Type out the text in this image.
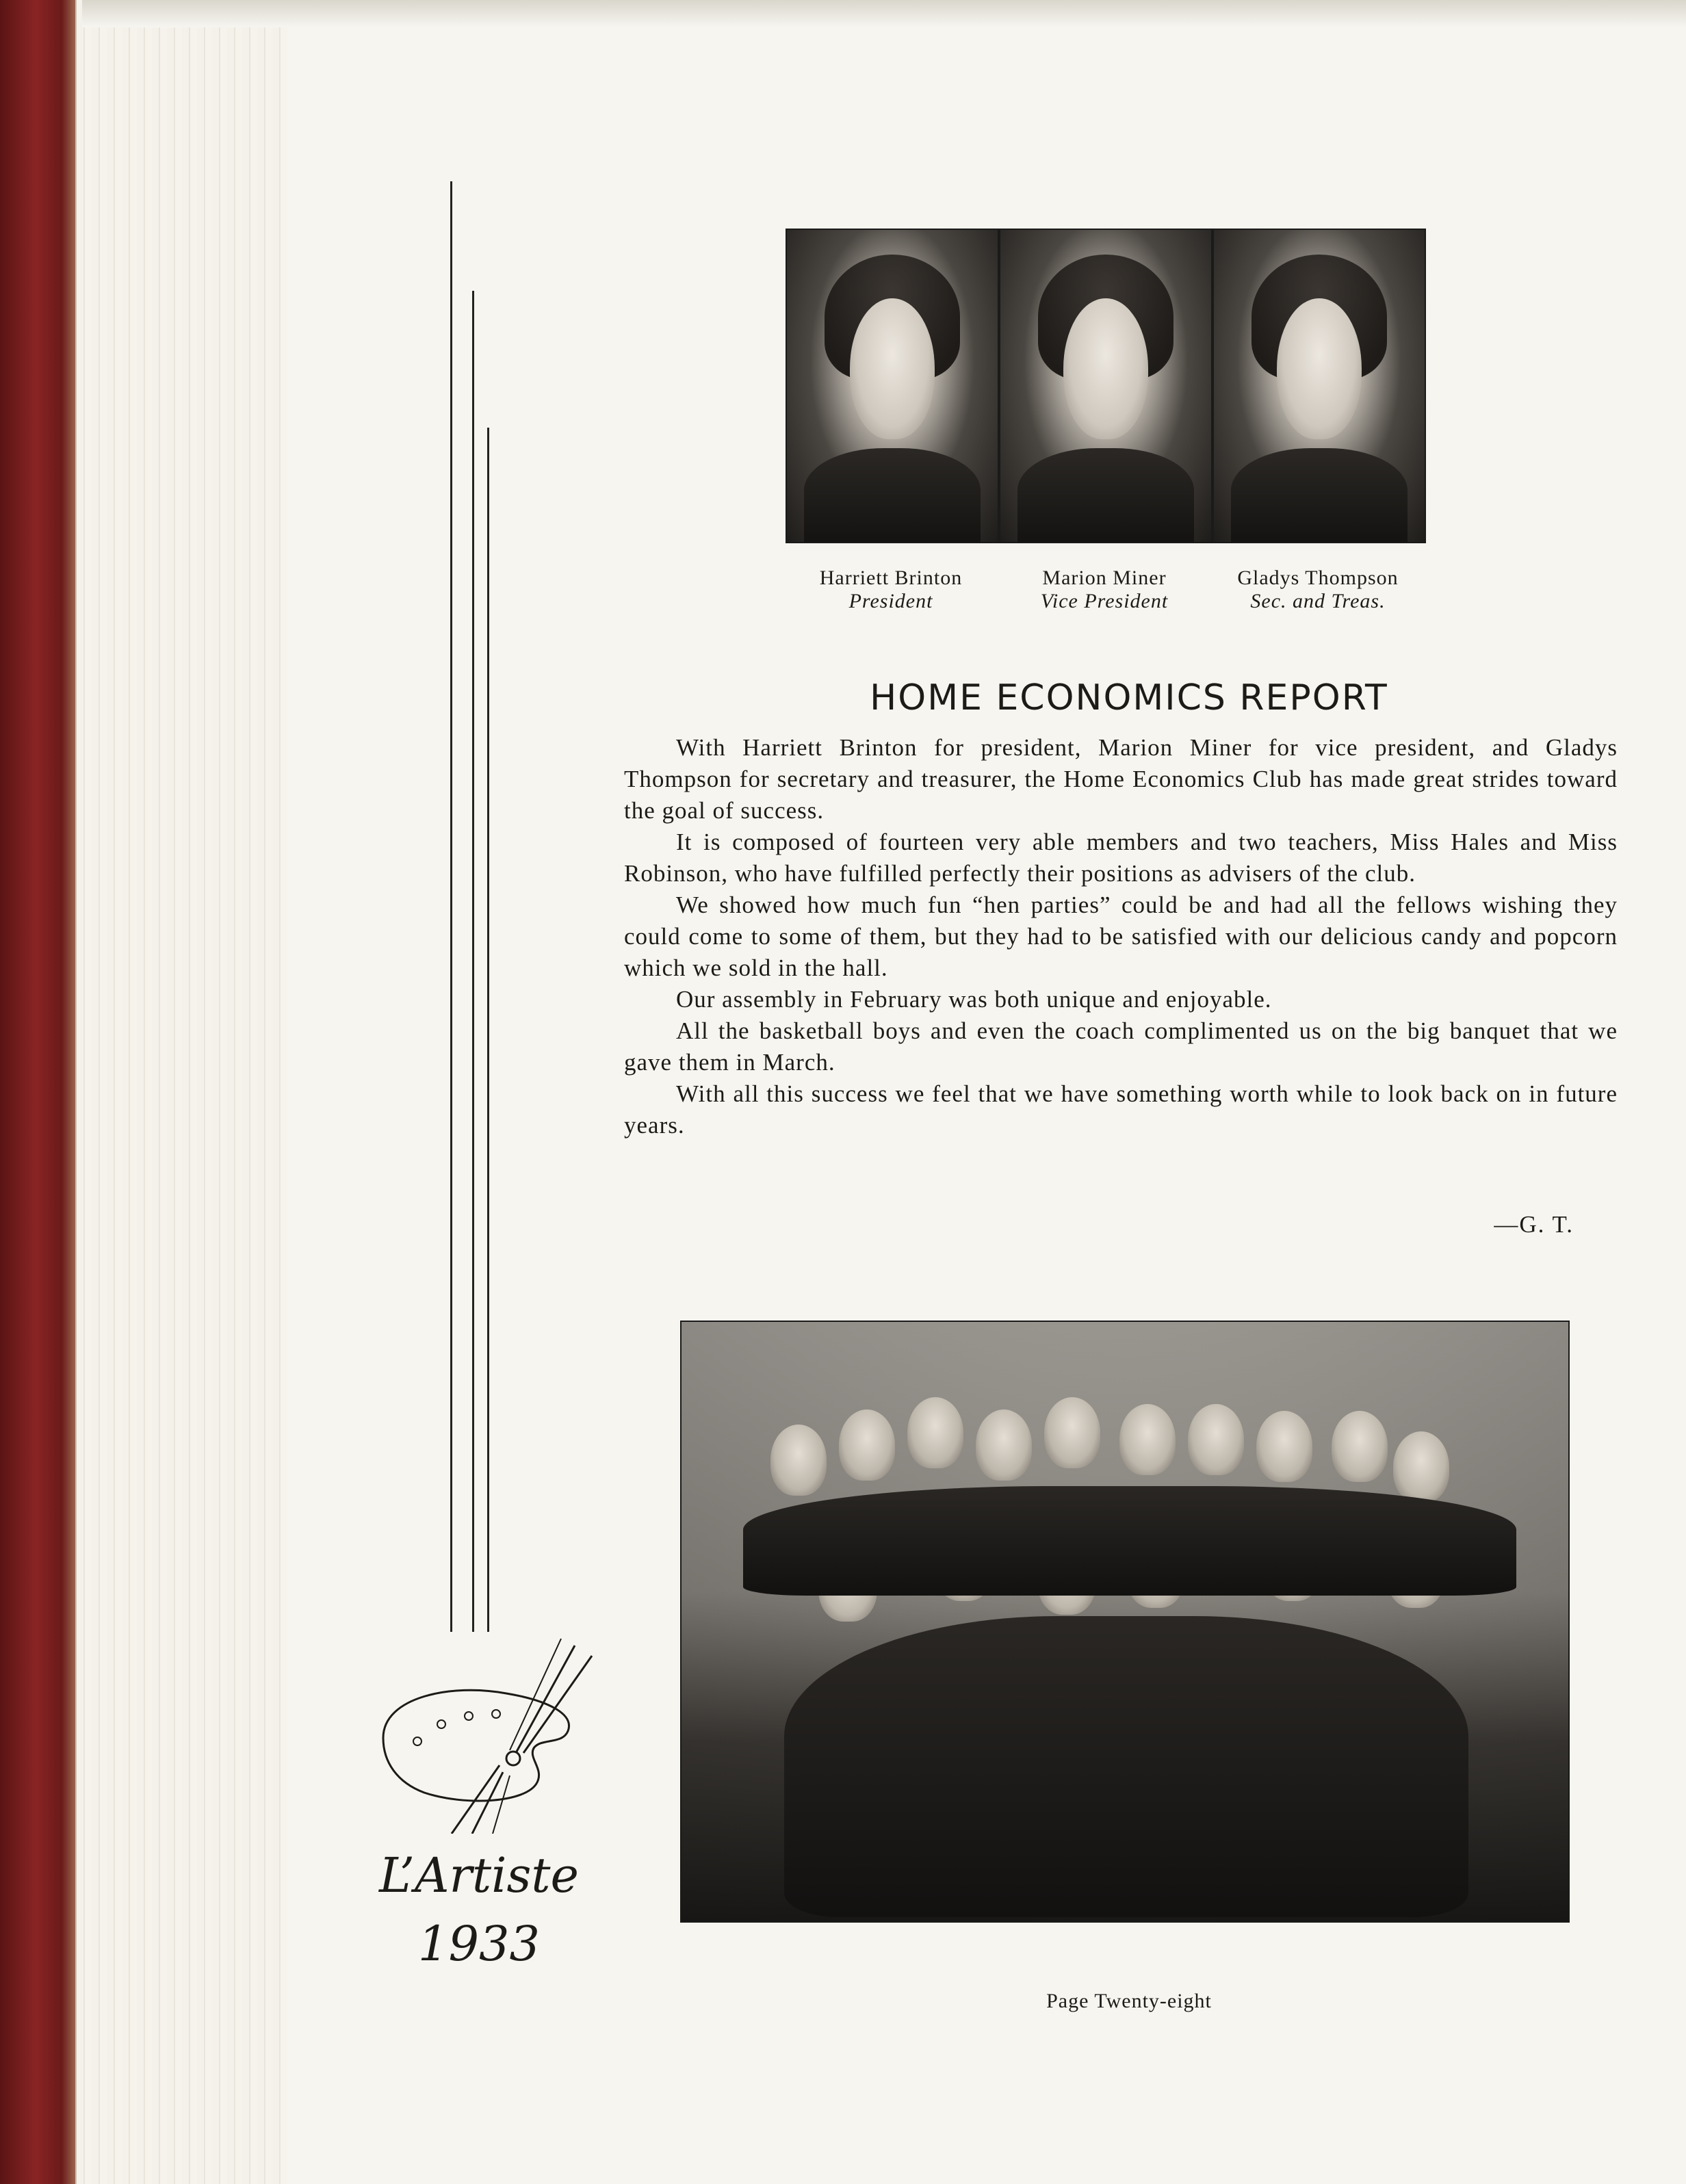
Harriett Brinton
President
Marion Miner
Vice President
Gladys Thompson
Sec. and Treas.
HOME ECONOMICS REPORT

With Harriett Brinton for president, Marion Miner for vice president, and Gladys Thompson for secretary and treasurer, the Home Economics Club has made great strides toward the goal of success.

It is composed of fourteen very able members and two teachers, Miss Hales and Miss Robinson, who have fulfilled perfectly their positions as advisers of the club.

We showed how much fun “hen parties” could be and had all the fellows wishing they could come to some of them, but they had to be satisfied with our delicious candy and popcorn which we sold in the hall.

Our assembly in February was both unique and enjoyable.

All the basketball boys and even the coach complimented us on the big banquet that we gave them in March.

With all this success we feel that we have something worth while to look back on in future years.

—G. T.
Page Twenty-eight
L’Artiste
1933
